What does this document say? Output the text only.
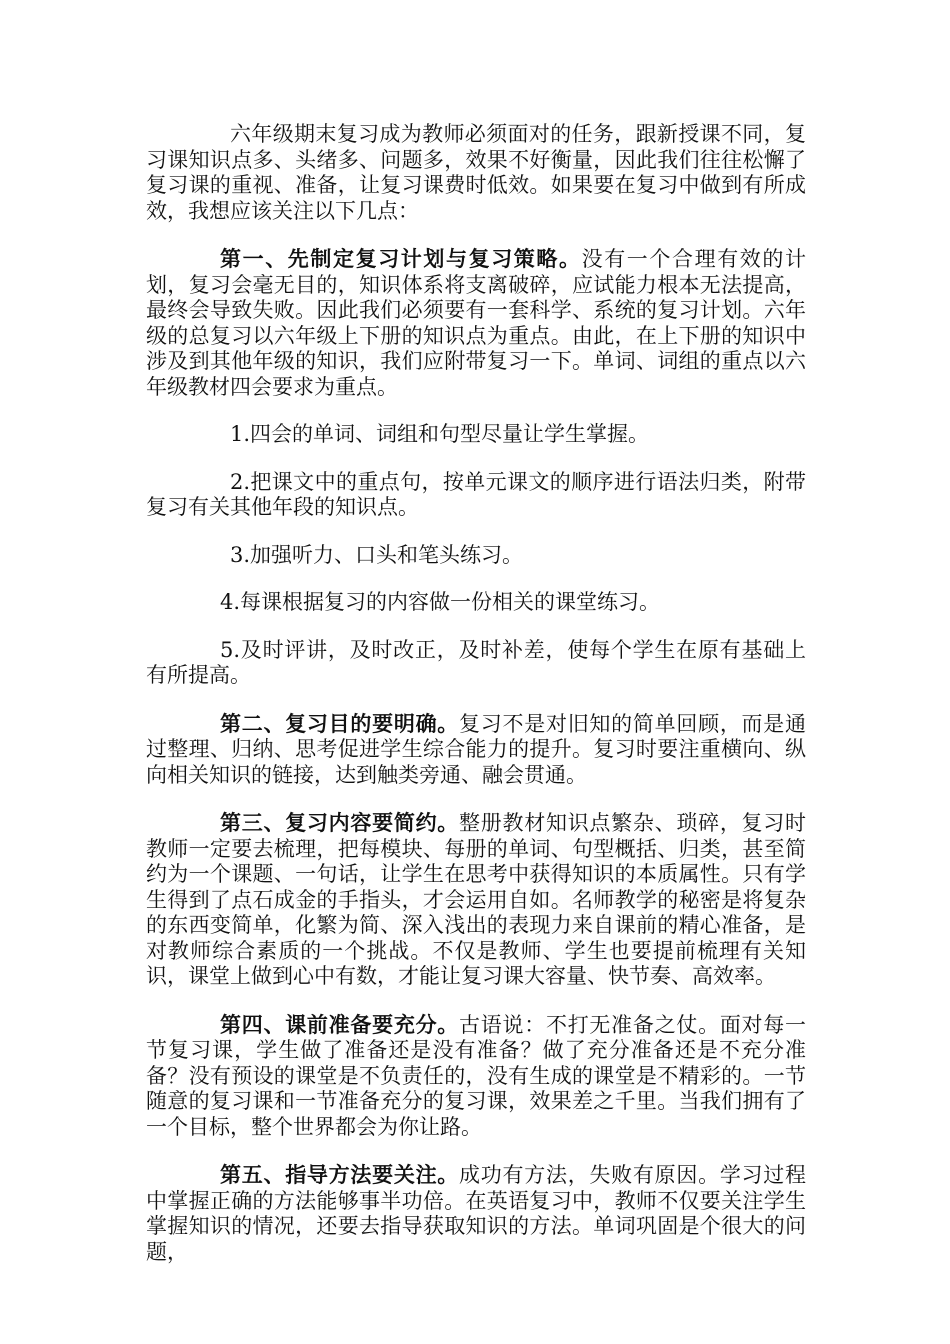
六年级期末复习成为教师必须面对的任务，跟新授课不同，复习课知识点多、头绪多、问题多，效果不好衡量，因此我们往往松懈了复习课的重视、准备，让复习课费时低效。如果要在复习中做到有所成效，我想应该关注以下几点：

第一、先制定复习计划与复习策略。没有一个合理有效的计划，复习会毫无目的，知识体系将支离破碎，应试能力根本无法提高，最终会导致失败。因此我们必须要有一套科学、系统的复习计划。六年级的总复习以六年级上下册的知识点为重点。由此，在上下册的知识中涉及到其他年级的知识，我们应附带复习一下。单词、词组的重点以六年级教材四会要求为重点。

1.四会的单词、词组和句型尽量让学生掌握。

2.把课文中的重点句，按单元课文的顺序进行语法归类，附带复习有关其他年段的知识点。

3.加强听力、口头和笔头练习。

4.每课根据复习的内容做一份相关的课堂练习。

5.及时评讲，及时改正，及时补差，使每个学生在原有基础上有所提高。

第二、复习目的要明确。复习不是对旧知的简单回顾，而是通过整理、归纳、思考促进学生综合能力的提升。复习时要注重横向、纵向相关知识的链接，达到触类旁通、融会贯通。

第三、复习内容要简约。整册教材知识点繁杂、琐碎，复习时教师一定要去梳理，把每模块、每册的单词、句型概括、归类，甚至简约为一个课题、一句话，让学生在思考中获得知识的本质属性。只有学生得到了点石成金的手指头，才会运用自如。名师教学的秘密是将复杂的东西变简单，化繁为简、深入浅出的表现力来自课前的精心准备，是对教师综合素质的一个挑战。不仅是教师、学生也要提前梳理有关知识，课堂上做到心中有数，才能让复习课大容量、快节奏、高效率。

第四、课前准备要充分。古语说：不打无准备之仗。面对每一节复习课，学生做了准备还是没有准备？做了充分准备还是不充分准备？没有预设的课堂是不负责任的，没有生成的课堂是不精彩的。一节随意的复习课和一节准备充分的复习课，效果差之千里。当我们拥有了一个目标，整个世界都会为你让路。

第五、指导方法要关注。成功有方法，失败有原因。学习过程中掌握正确的方法能够事半功倍。在英语复习中，教师不仅要关注学生掌握知识的情况，还要去指导获取知识的方法。单词巩固是个很大的问题，
